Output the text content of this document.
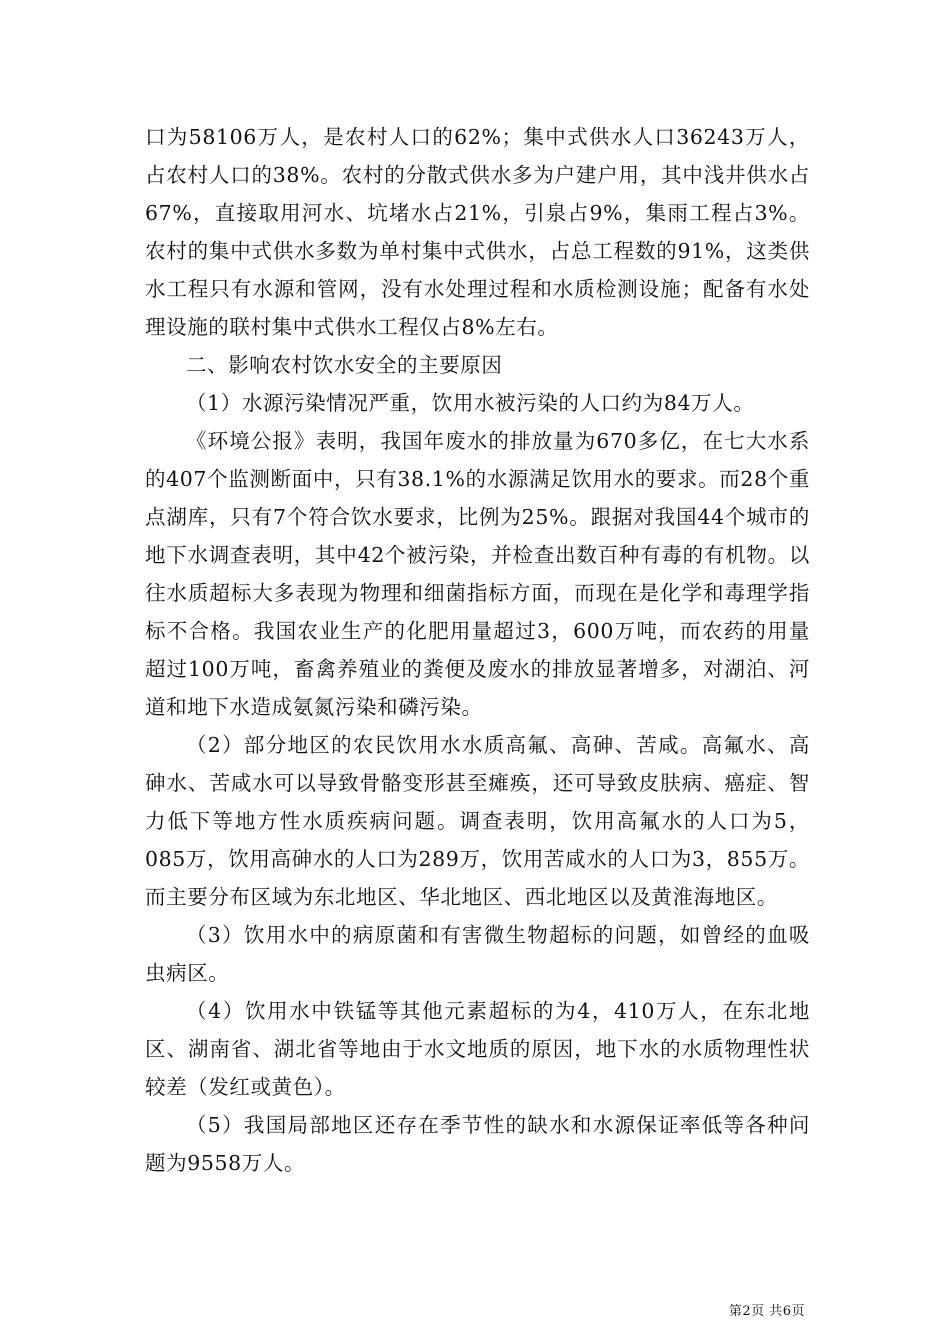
口为58106万人，是农村人口的62%；集中式供水人口36243万人，占农村人口的38%。农村的分散式供水多为户建户用，其中浅井供水占67%，直接取用河水、坑堵水占21%，引泉占9%，集雨工程占3%。农村的集中式供水多数为单村集中式供水，占总工程数的91%，这类供水工程只有水源和管网，没有水处理过程和水质检测设施；配备有水处理设施的联村集中式供水工程仅占8%左右。

二、影响农村饮水安全的主要原因

（1）水源污染情况严重，饮用水被污染的人口约为84万人。

《环境公报》表明，我国年废水的排放量为670多亿，在七大水系的407个监测断面中，只有38.1%的水源满足饮用水的要求。而28个重点湖库，只有7个符合饮水要求，比例为25%。跟据对我国44个城市的地下水调查表明，其中42个被污染，并检查出数百种有毒的有机物。以往水质超标大多表现为物理和细菌指标方面，而现在是化学和毒理学指标不合格。我国农业生产的化肥用量超过3，600万吨，而农药的用量超过100万吨，畜禽养殖业的粪便及废水的排放显著增多，对湖泊、河道和地下水造成氨氮污染和磷污染。

（2）部分地区的农民饮用水水质高氟、高砷、苦咸。高氟水、高砷水、苦咸水可以导致骨骼变形甚至瘫痪，还可导致皮肤病、癌症、智力低下等地方性水质疾病问题。调查表明，饮用高氟水的人口为5，085万，饮用高砷水的人口为289万，饮用苦咸水的人口为3，855万。而主要分布区域为东北地区、华北地区、西北地区以及黄淮海地区。

（3）饮用水中的病原菌和有害微生物超标的问题，如曾经的血吸虫病区。

（4）饮用水中铁锰等其他元素超标的为4，410万人，在东北地区、湖南省、湖北省等地由于水文地质的原因，地下水的水质物理性状较差（发红或黄色）。

（5）我国局部地区还存在季节性的缺水和水源保证率低等各种问题为9558万人。

第2页 共6页
